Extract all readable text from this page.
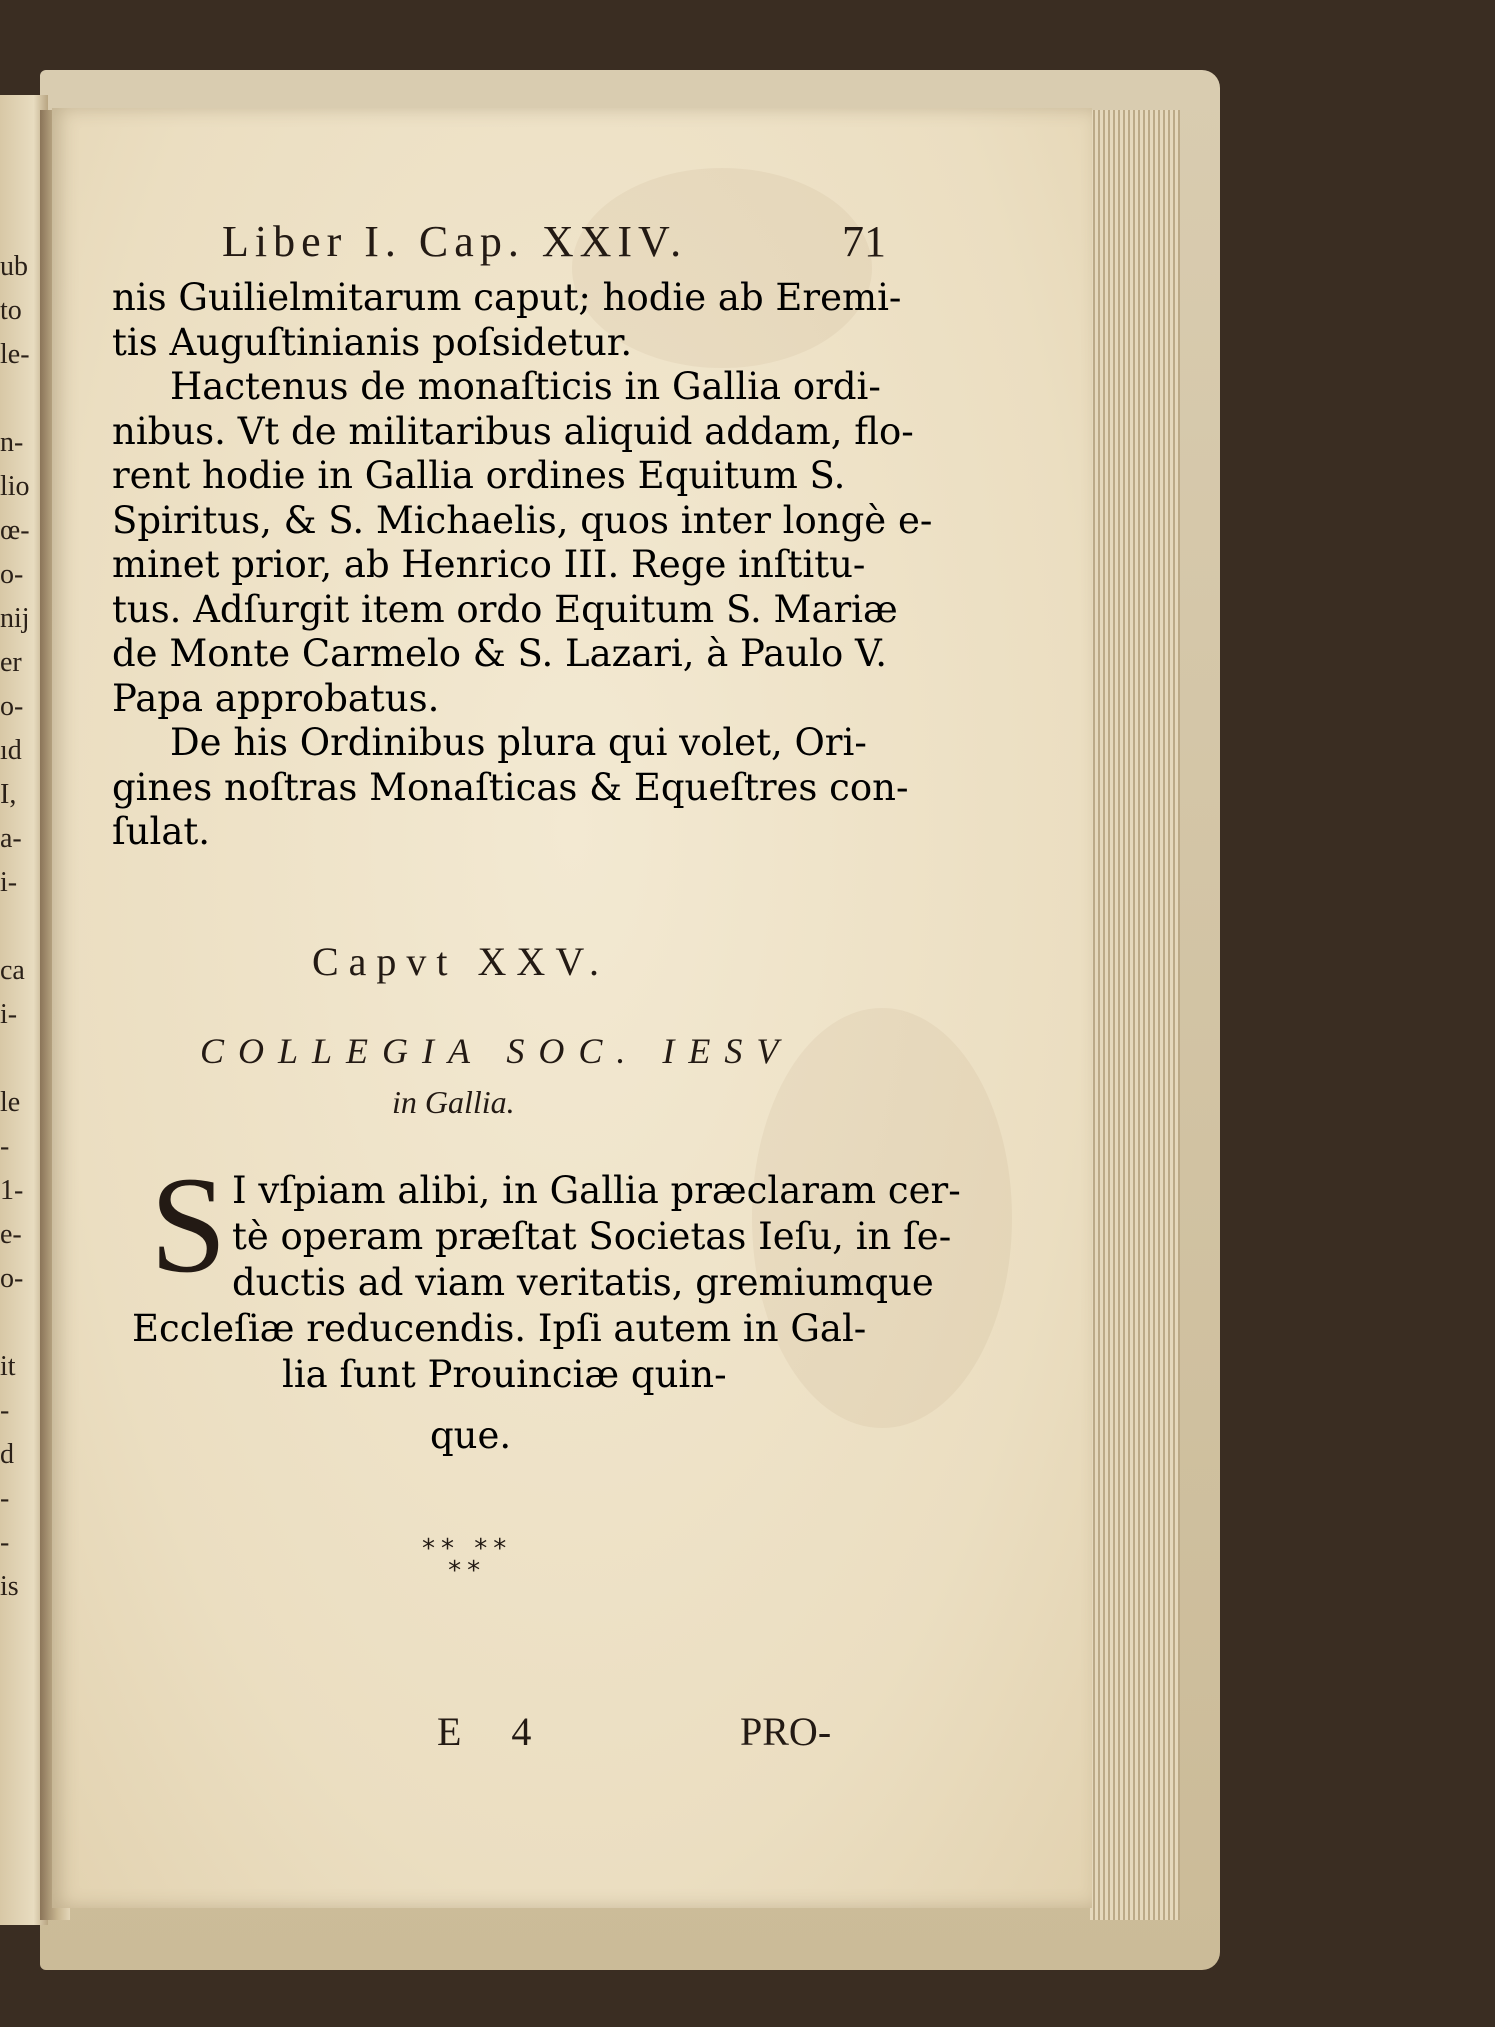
ub
to
le-
n-
lio
œ-
o-
nij
er
o-
ıd
I,
a-
i-
ca
i-
le
-
1-
e-
o-
it
-
d
-
-
is
Liber I. Cap. XXIV.	71
nis Guilielmitarum caput; hodie ab Eremi-
tis Auguſtinianis poſsidetur.
Hactenus de monaſticis in Gallia ordi-
nibus. Vt de militaribus aliquid addam, flo-
rent hodie in Gallia ordines Equitum S.
Spiritus, & S. Michaelis, quos inter longè e-
minet prior, ab Henrico III. Rege inſtitu-
tus. Adſurgit item ordo Equitum S. Mariæ
de Monte Carmelo & S. Lazari, à Paulo V.
Papa approbatus.
De his Ordinibus plura qui volet, Ori-
gines noſtras Monaſticas & Equeſtres con-
ſulat.
Capvt XXV.
COLLEGIA SOC. IESV
in Gallia.
S I vſpiam alibi, in Gallia præclaram cer-
tè operam præſtat Societas Ieſu, in ſe-
ductis ad viam veritatis, gremiumque
Eccleſiæ reducendis. Ipſi autem in Gal-
lia ſunt Prouinciæ quin-
que.
** **
**
E 4	PRO-
